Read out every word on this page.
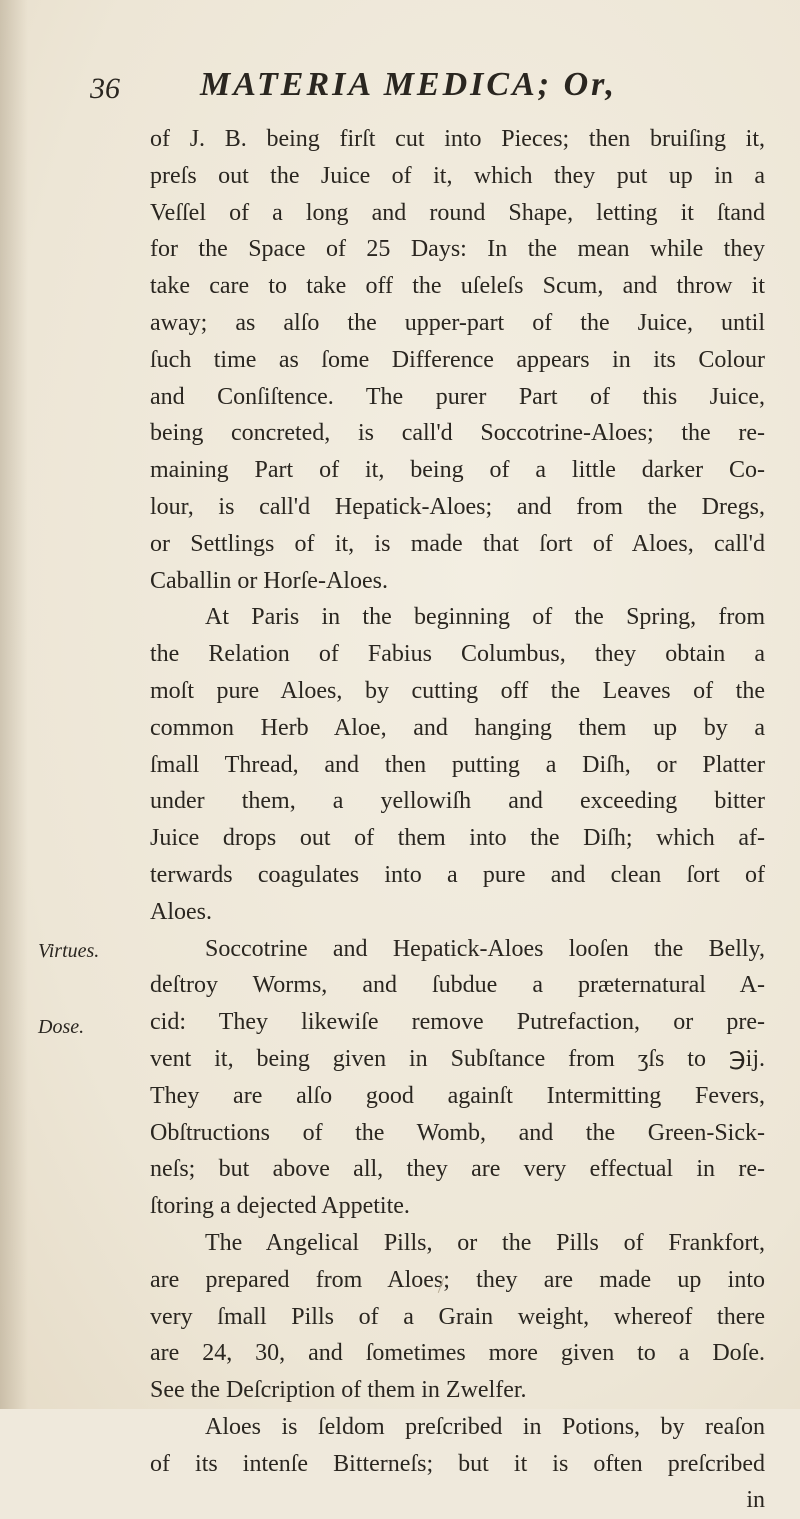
36 MATERIA MEDICA; Or,
Virtues.
Dose.
of J. B. being firſt cut into Pieces; then bruiſing it,
preſs out the Juice of it, which they put up in a
Veſſel of a long and round Shape, letting it ſtand
for the Space of 25 Days: In the mean while they
take care to take off the uſeleſs Scum, and throw it
away; as alſo the upper-part of the Juice, until
ſuch time as ſome Difference appears in its Colour
and Conſiſtence. The purer Part of this Juice,
being concreted, is call'd Soccotrine-Aloes; the re-
maining Part of it, being of a little darker Co-
lour, is call'd Hepatick-Aloes; and from the Dregs,
or Settlings of it, is made that ſort of Aloes, call'd
Caballin or Horſe-Aloes.
At Paris in the beginning of the Spring, from
the Relation of Fabius Columbus, they obtain a
moſt pure Aloes, by cutting off the Leaves of the
common Herb Aloe, and hanging them up by a
ſmall Thread, and then putting a Diſh, or Platter
under them, a yellowiſh and exceeding bitter
Juice drops out of them into the Diſh; which af-
terwards coagulates into a pure and clean ſort of
Aloes.
Soccotrine and Hepatick-Aloes looſen the Belly,
deſtroy Worms, and ſubdue a præternatural A-
cid: They likewiſe remove Putrefaction, or pre-
vent it, being given in Subſtance from ʒſs to ℈ij.
They are alſo good againſt Intermitting Fevers,
Obſtructions of the Womb, and the Green-Sick-
neſs; but above all, they are very effectual in re-
ſtoring a dejected Appetite.
The Angelical Pills, or the Pills of Frankfort,
are prepared from Aloes; they are made up into
very ſmall Pills of a Grain weight, whereof there
are 24, 30, and ſometimes more given to a Doſe.
See the Deſcription of them in Zwelfer.
Aloes is ſeldom preſcribed in Potions, by reaſon
of its intenſe Bitterneſs; but it is often preſcribed
in
